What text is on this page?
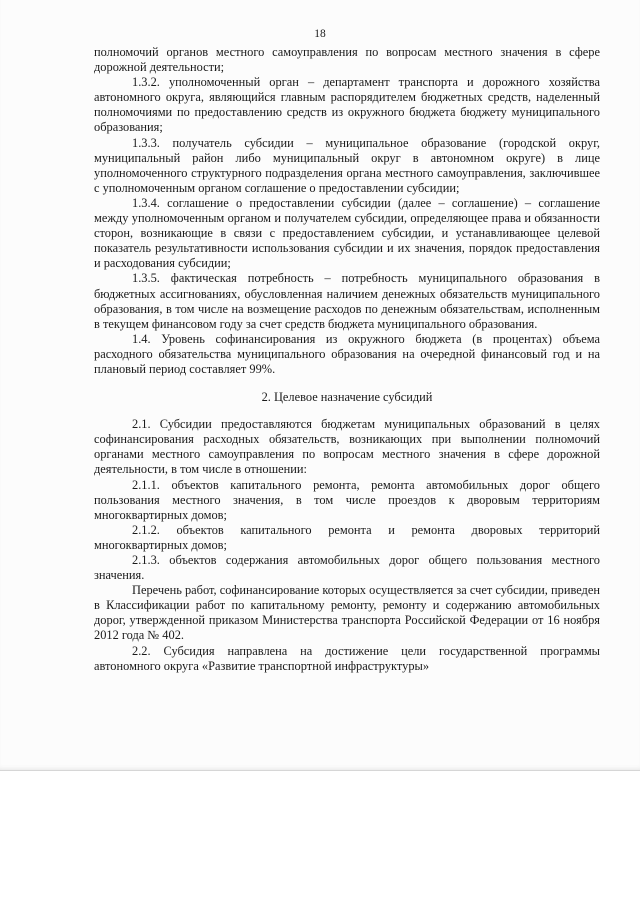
18

полномочий органов местного самоуправления по вопросам местного значения в сфере дорожной деятельности;

1.3.2. уполномоченный орган – департамент транспорта и дорожного хозяйства автономного округа, являющийся главным распорядителем бюджетных средств, наделенный полномочиями по предоставлению средств из окружного бюджета бюджету муниципального образования;

1.3.3. получатель субсидии – муниципальное образование (городской округ, муниципальный район либо муниципальный округ в автономном округе) в лице уполномоченного структурного подразделения органа местного самоуправления, заключившее с уполномоченным органом соглашение о предоставлении субсидии;

1.3.4. соглашение о предоставлении субсидии (далее – соглашение) – соглашение между уполномоченным органом и получателем субсидии, определяющее права и обязанности сторон, возникающие в связи с предоставлением субсидии, и устанавливающее целевой показатель результативности использования субсидии и их значения, порядок предоставления и расходования субсидии;

1.3.5. фактическая потребность – потребность муниципального образования в бюджетных ассигнованиях, обусловленная наличием денежных обязательств муниципального образования, в том числе на возмещение расходов по денежным обязательствам, исполненным в текущем финансовом году за счет средств бюджета муниципального образования.

1.4. Уровень софинансирования из окружного бюджета (в процентах) объема расходного обязательства муниципального образования на очередной финансовый год и на плановый период составляет 99%.

2. Целевое назначение субсидий

2.1. Субсидии предоставляются бюджетам муниципальных образований в целях софинансирования расходных обязательств, возникающих при выполнении полномочий органами местного самоуправления по вопросам местного значения в сфере дорожной деятельности, в том числе в отношении:

2.1.1. объектов капитального ремонта, ремонта автомобильных дорог общего пользования местного значения, в том числе проездов к дворовым территориям многоквартирных домов;

2.1.2. объектов капитального ремонта и ремонта дворовых территорий многоквартирных домов;

2.1.3. объектов содержания автомобильных дорог общего пользования местного значения.

Перечень работ, софинансирование которых осуществляется за счет субсидии, приведен в Классификации работ по капитальному ремонту, ремонту и содержанию автомобильных дорог, утвержденной приказом Министерства транспорта Российской Федерации от 16 ноября 2012 года № 402.

2.2. Субсидия направлена на достижение цели государственной программы автономного округа «Развитие транспортной инфраструктуры»
